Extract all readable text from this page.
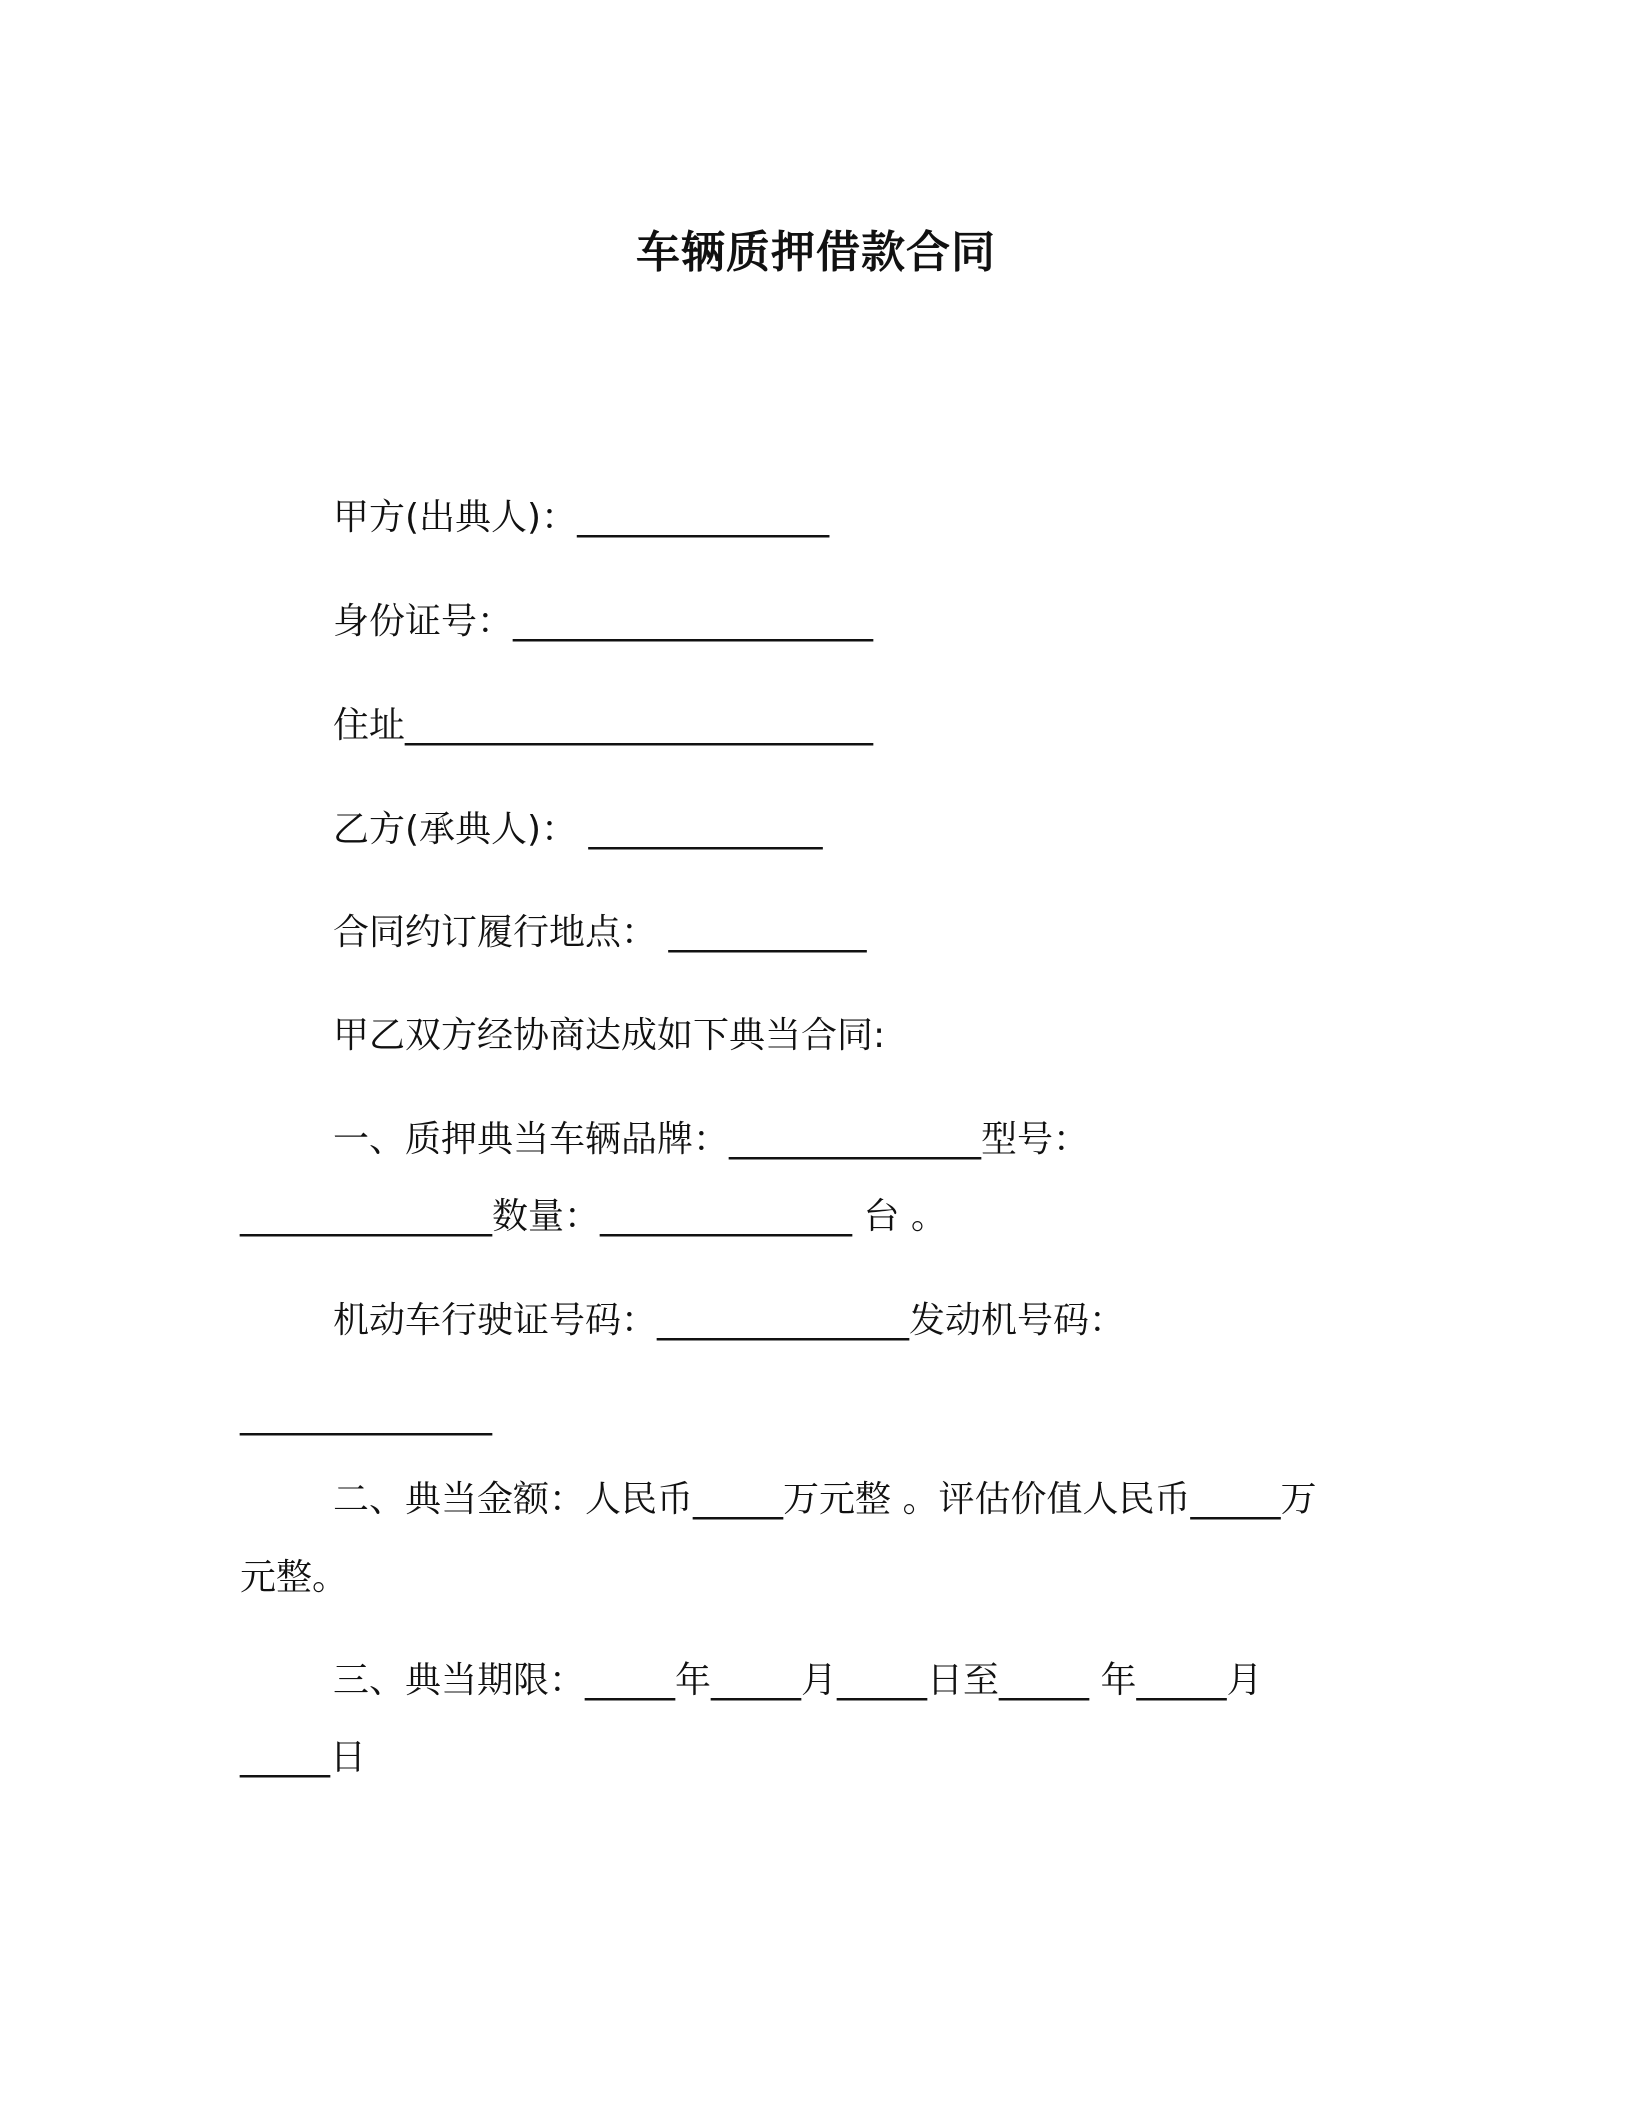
车辆质押借款合同
甲方(出典人)：______________
身份证号：____________________
住址__________________________
乙方(承典人)： _____________
合同约订履行地点： ___________
甲乙双方经协商达成如下典当合同:
一、质押典当车辆品牌：______________型号：
______________数量：______________ 台 。
机动车行驶证号码：______________发动机号码：
______________
二、典当金额：人民币_____万元整 。评估价值人民币_____万
元整。
三、典当期限：_____年_____月_____日至_____ 年_____月
_____日
